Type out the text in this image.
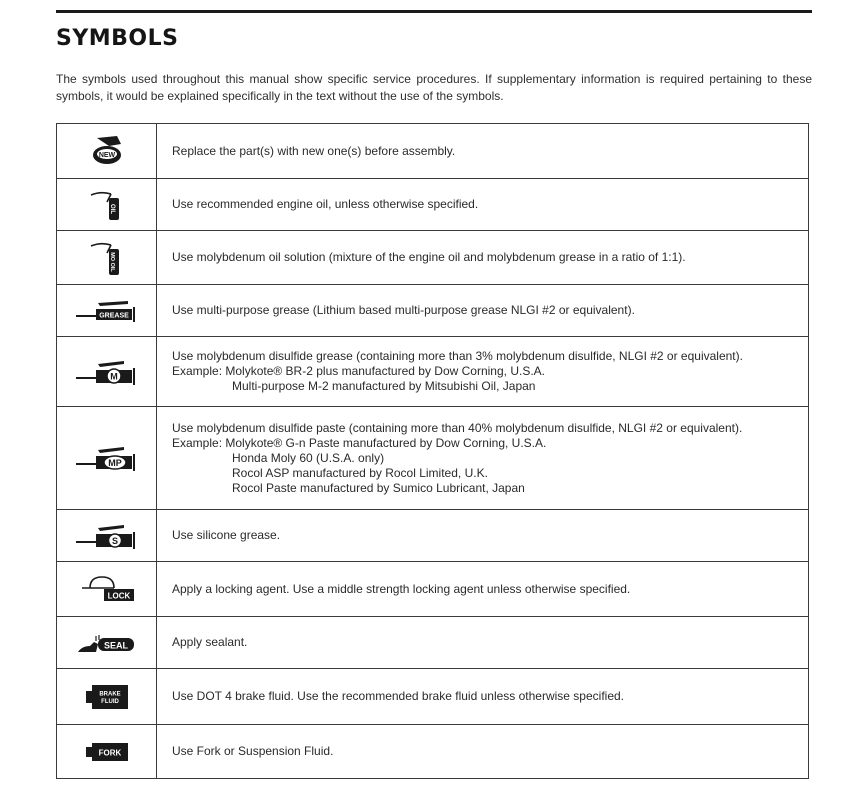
SYMBOLS
The symbols used throughout this manual show specific service procedures. If supplementary information is required pertaining to these symbols, it would be explained specifically in the text without the use of the symbols.
NEW	Replace the part(s) with new one(s) before assembly.

OIL	Use recommended engine oil, unless otherwise specified.

MO OIL	Use molybdenum oil solution (mixture of the engine oil and molybdenum grease in a ratio of 1:1).

GREASE	Use multi-purpose grease (Lithium based multi-purpose grease NLGI #2 or equivalent).

M	Use molybdenum disulfide grease (containing more than 3% molybdenum disulfide, NLGI #2 or equivalent).
Example: Molykote® BR-2 plus manufactured by Dow Corning, U.S.A.
Multi-purpose M-2 manufactured by Mitsubishi Oil, Japan

MP	Use molybdenum disulfide paste (containing more than 40% molybdenum disulfide, NLGI #2 or equivalent).
Example: Molykote® G-n Paste manufactured by Dow Corning, U.S.A.
Honda Moly 60 (U.S.A. only)
Rocol ASP manufactured by Rocol Limited, U.K.
Rocol Paste manufactured by Sumico Lubricant, Japan

S	Use silicone grease.

LOCK	Apply a locking agent. Use a middle strength locking agent unless otherwise specified.

SEAL	Apply sealant.

BRAKE
FLUID	Use DOT 4 brake fluid. Use the recommended brake fluid unless otherwise specified.

FORK	Use Fork or Suspension Fluid.
